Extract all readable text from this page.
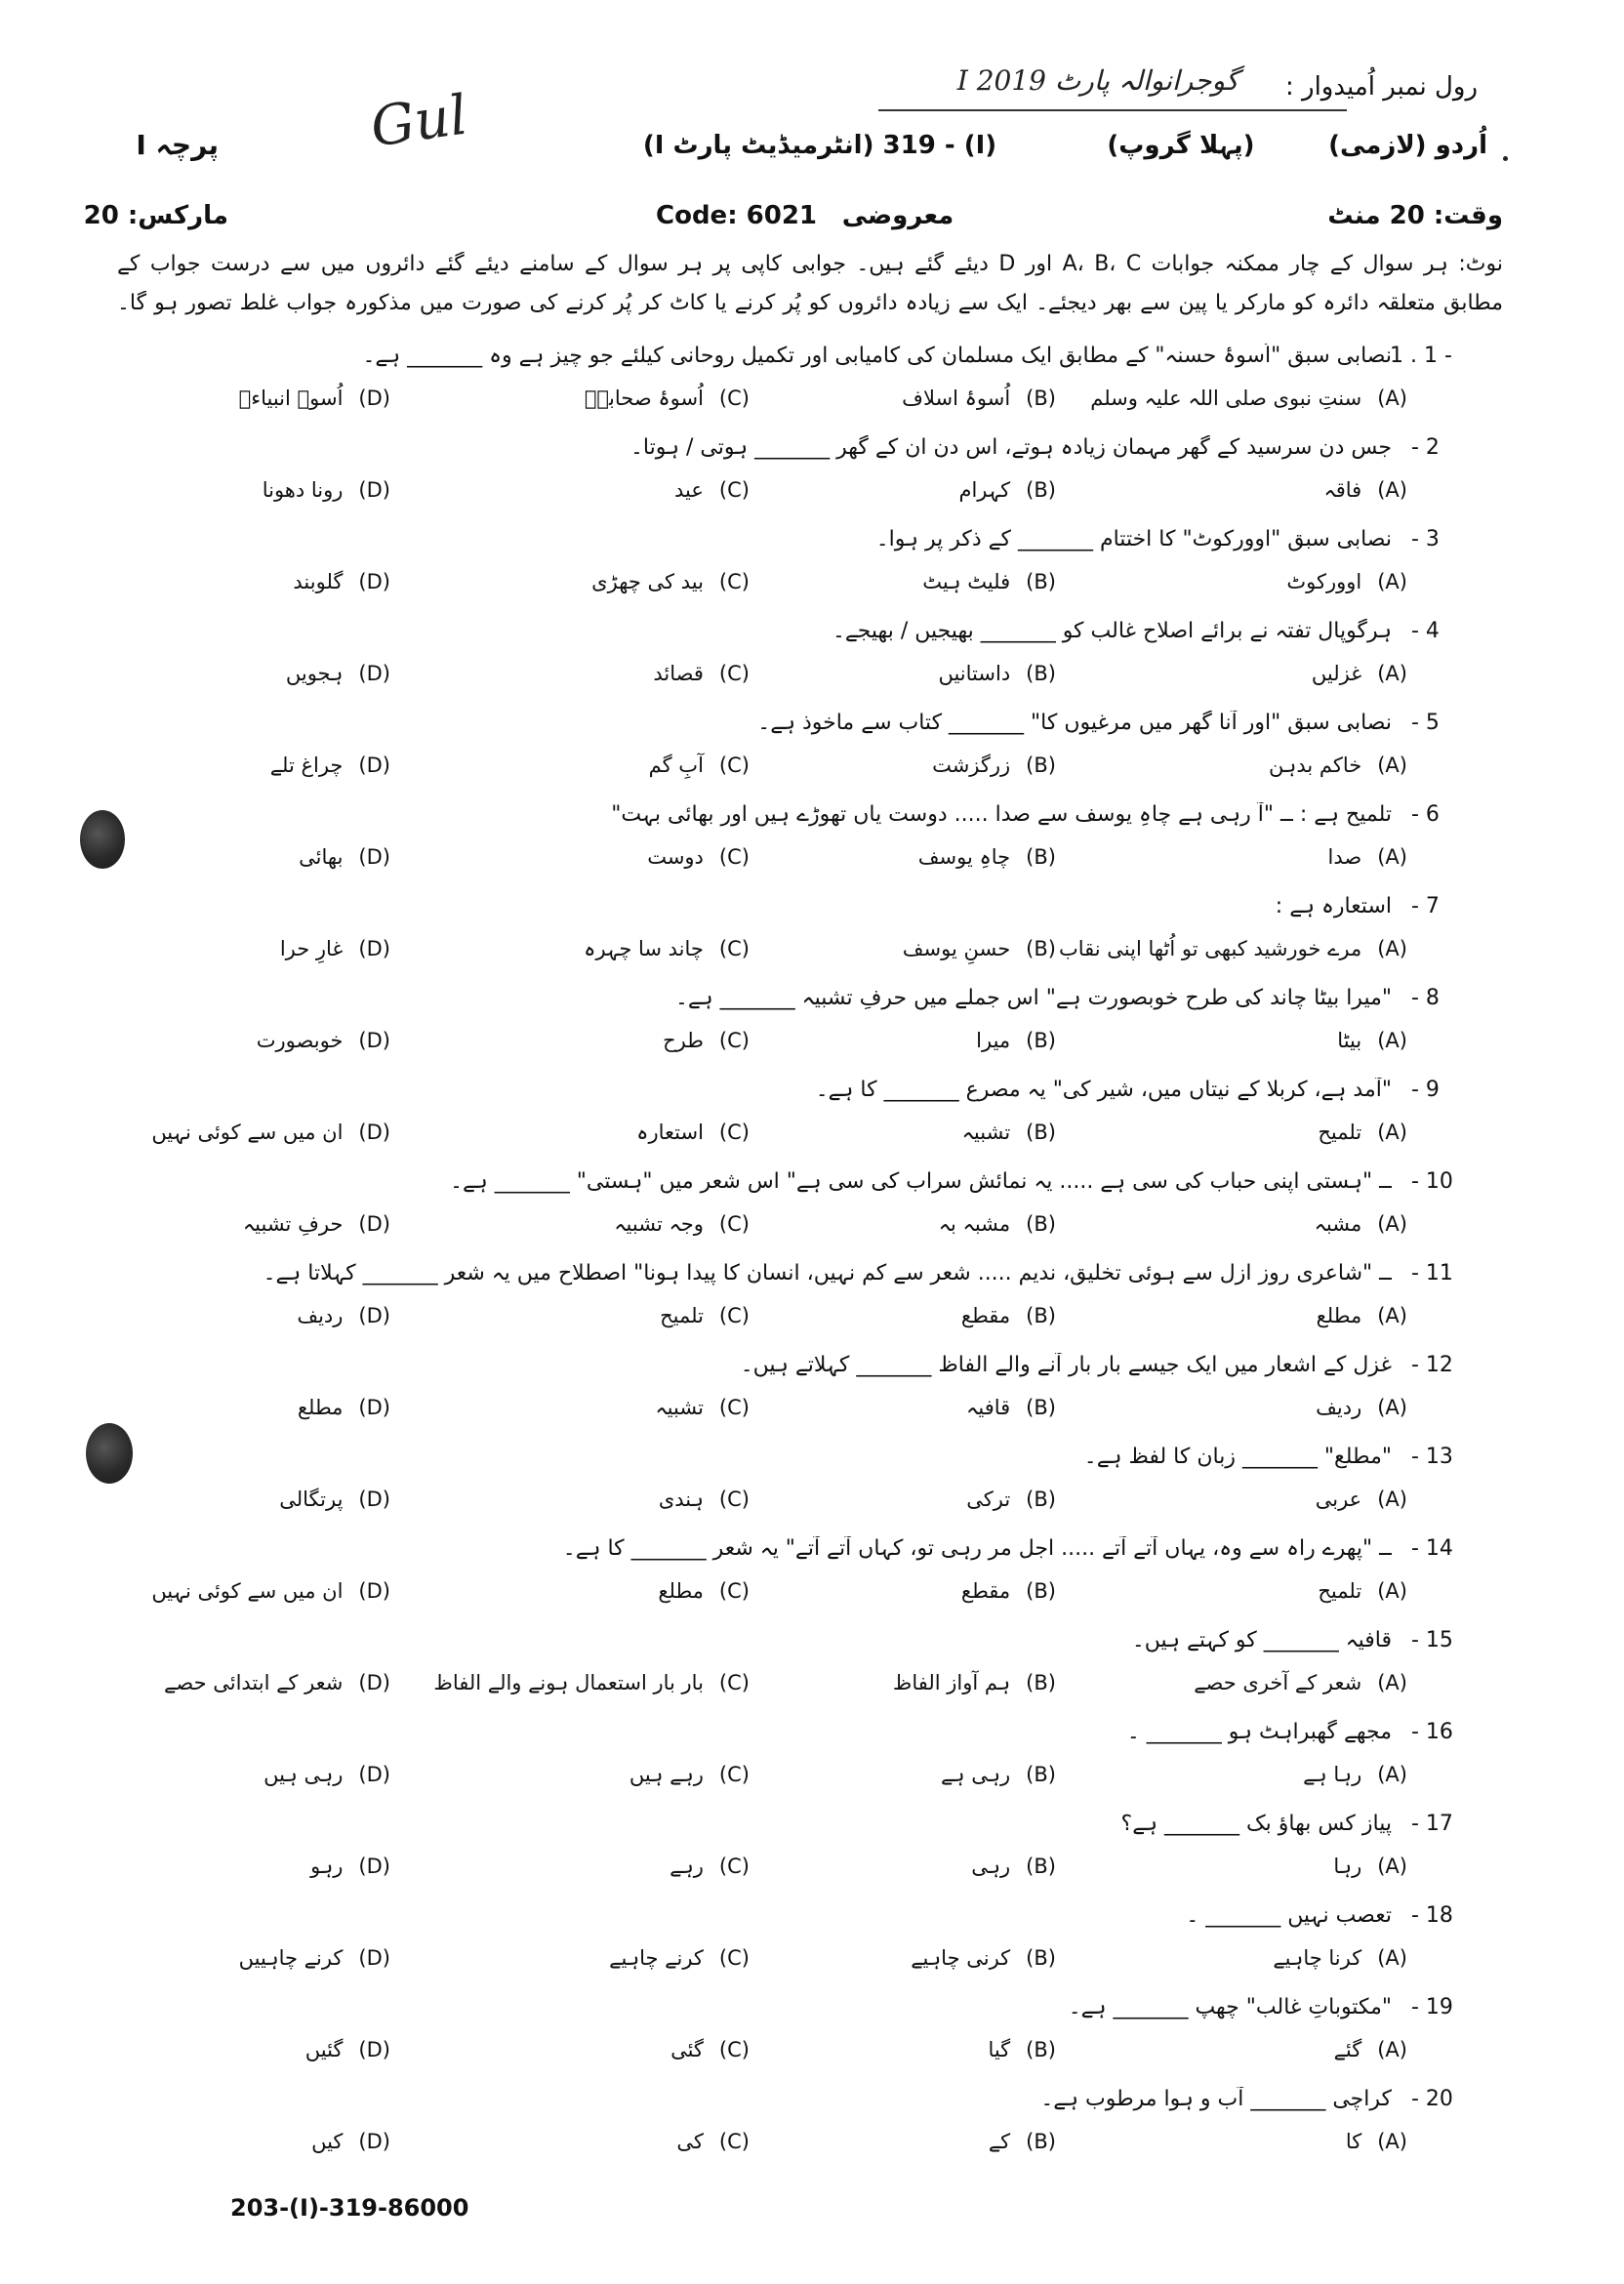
رول نمبر اُمیدوار :
گوجرانوالہ پارٹ I 2019
Gul
پرچہ I	(I) - 319 (انٹرمیڈیٹ پارٹ I)	(پہلا گروپ)	اُردو (لازمی)
مارکس: 20	Code: 6021 معروضی	وقت: 20 منٹ
نوٹ: ہر سوال کے چار ممکنہ جوابات A، B، C اور D دیئے گئے ہیں۔ جوابی کاپی پر ہر سوال کے سامنے دیئے گئے دائروں میں سے درست جواب کے
مطابق متعلقہ دائرہ کو مارکر یا پین سے بھر دیجئے۔ ایک سے زیادہ دائروں کو پُر کرنے یا کاٹ کر پُر کرنے کی صورت میں مذکورہ جواب غلط تصور ہو گا۔
1 . 1 -
نصابی سبق "اُسوۂ حسنہ" کے مطابق ایک مسلمان کی کامیابی اور تکمیل روحانی کیلئے جو چیز ہے وہ _______ ہے۔
(A)سنتِ نبوی صلی اللہ علیہ وسلم
(B)اُسوۂ اسلاف
(C)اُسوۂ صحابہؓ
(D)اُسوۂ انبیاءؑ
- 2
جس دن سرسید کے گھر مہمان زیادہ ہوتے، اس دن ان کے گھر _______ ہوتی / ہوتا۔
(A)فاقہ
(B)کہرام
(C)عید
(D)رونا دھونا
- 3
نصابی سبق "اوورکوٹ" کا اختتام _______ کے ذکر پر ہوا۔
(A)اوورکوٹ
(B)فلیٹ ہیٹ
(C)بید کی چھڑی
(D)گلوبند
- 4
ہرگوپال تفتہ نے برائے اصلاح غالب کو _______ بھیجیں / بھیجے۔
(A)غزلیں
(B)داستانیں
(C)قصائد
(D)ہجویں
- 5
نصابی سبق "اور آنا گھر میں مرغیوں کا" _______ کتاب سے ماخوذ ہے۔
(A)خاکم بدہن
(B)زرگزشت
(C)آبِ گم
(D)چراغ تلے
- 6
تلمیح ہے : ــ "آ رہی ہے چاہِ یوسف سے صدا ..... دوست یاں تھوڑے ہیں اور بھائی بہت"
(A)صدا
(B)چاہِ یوسف
(C)دوست
(D)بھائی
- 7
استعارہ ہے :
(A)مرے خورشید کبھی تو اُٹھا اپنی نقاب
(B)حسنِ یوسف
(C)چاند سا چہرہ
(D)غارِ حرا
- 8
"میرا بیٹا چاند کی طرح خوبصورت ہے" اس جملے میں حرفِ تشبیہ _______ ہے۔
(A)بیٹا
(B)میرا
(C)طرح
(D)خوبصورت
- 9
"آمد ہے، کربلا کے نیتاں میں، شیر کی" یہ مصرع _______ کا ہے۔
(A)تلمیح
(B)تشبیہ
(C)استعارہ
(D)ان میں سے کوئی نہیں
- 10
ــ "ہستی اپنی حباب کی سی ہے ..... یہ نمائش سراب کی سی ہے" اس شعر میں "ہستی" _______ ہے۔
(A)مشبہ
(B)مشبہ بہ
(C)وجہ تشبیہ
(D)حرفِ تشبیہ
- 11
ــ "شاعری روزِ ازل سے ہوئی تخلیق، ندیم ..... شعر سے کم نہیں، انسان کا پیدا ہونا" اصطلاح میں یہ شعر _______ کہلاتا ہے۔
(A)مطلع
(B)مقطع
(C)تلمیح
(D)ردیف
- 12
غزل کے اشعار میں ایک جیسے بار بار آنے والے الفاظ _______ کہلاتے ہیں۔
(A)ردیف
(B)قافیہ
(C)تشبیہ
(D)مطلع
- 13
"مطلع" _______ زبان کا لفظ ہے۔
(A)عربی
(B)ترکی
(C)ہندی
(D)پرتگالی
- 14
ــ "پھرے راہ سے وہ، یہاں آتے آتے ..... اجل مر رہی تو، کہاں آتے آتے" یہ شعر _______ کا ہے۔
(A)تلمیح
(B)مقطع
(C)مطلع
(D)ان میں سے کوئی نہیں
- 15
قافیہ _______ کو کہتے ہیں۔
(A)شعر کے آخری حصے
(B)ہم آواز الفاظ
(C)بار بار استعمال ہونے والے الفاظ
(D)شعر کے ابتدائی حصے
- 16
مجھے گھبراہٹ ہو _______ ۔
(A)رہا ہے
(B)رہی ہے
(C)رہے ہیں
(D)رہی ہیں
- 17
پیاز کس بھاؤ بک _______ ہے؟
(A)رہا
(B)رہی
(C)رہے
(D)رہو
- 18
تعصب نہیں _______ ۔
(A)کرنا چاہیے
(B)کرنی چاہیے
(C)کرنے چاہیے
(D)کرنے چاہییں
- 19
"مکتوباتِ غالب" چھپ _______ ہے۔
(A)گئے
(B)گیا
(C)گئی
(D)گئیں
- 20
کراچی _______ آب و ہوا مرطوب ہے۔
(A)کا
(B)کے
(C)کی
(D)کیں
203-(I)-319-86000
